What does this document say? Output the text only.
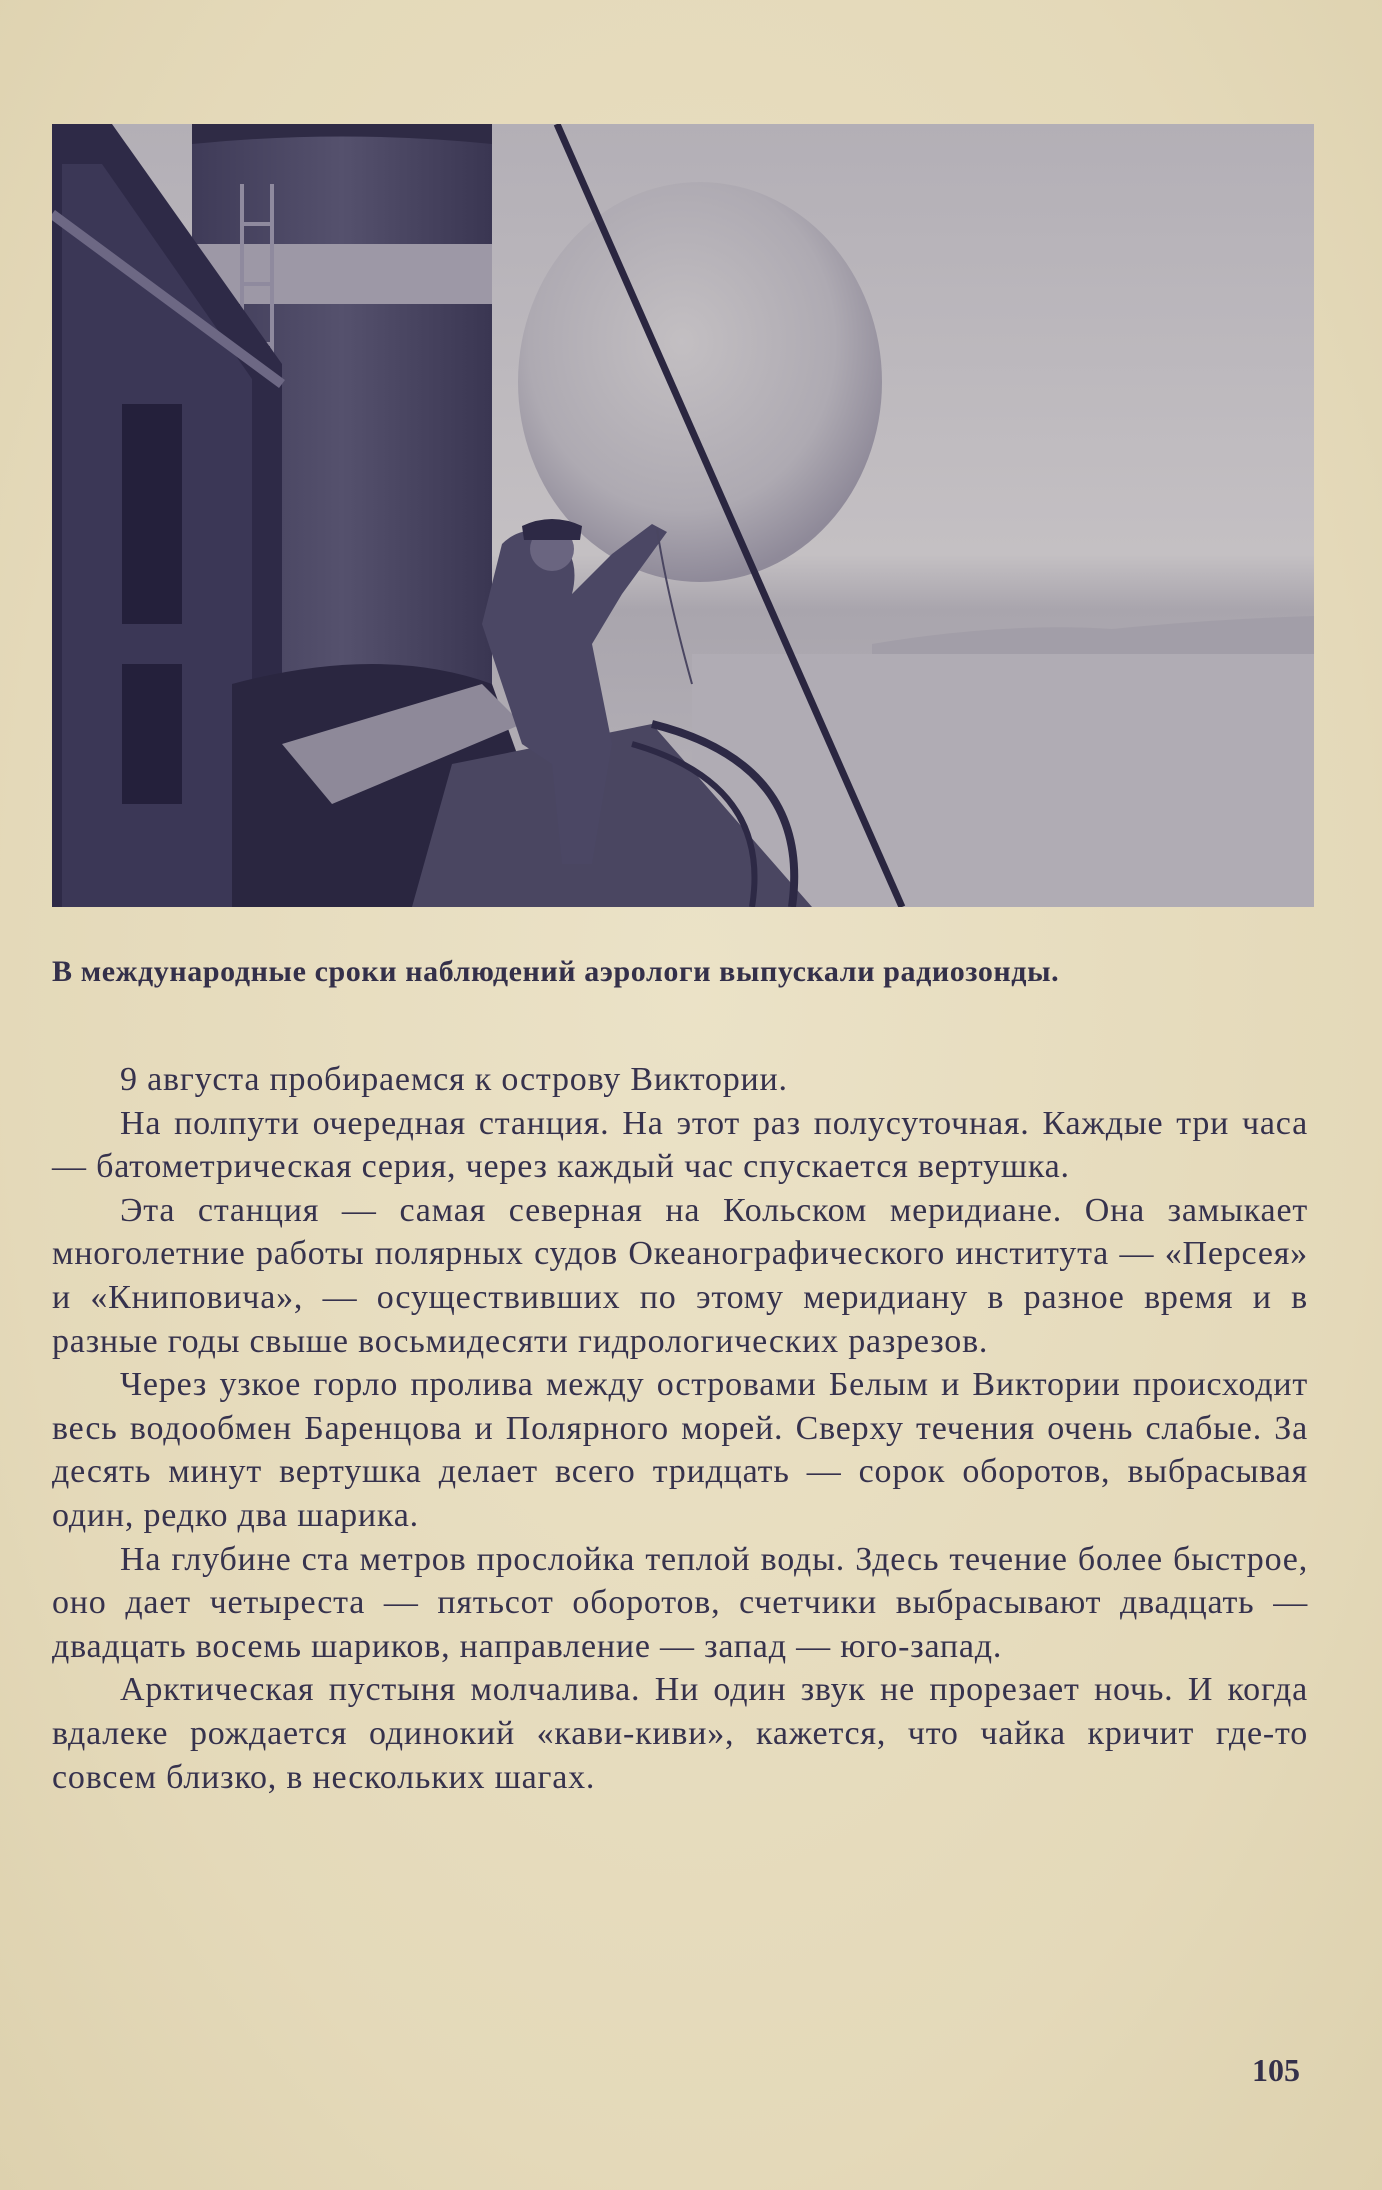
В международные сроки наблюдений аэрологи выпускали радиозонды.

9 августа пробираемся к острову Виктории.

На полпути очередная станция. На этот раз полусуточная. Каждые три часа — батометрическая серия, через каждый час спускается вертушка.

Эта станция — самая северная на Кольском меридиане. Она замыкает многолетние работы полярных судов Океанографического института — «Персея» и «Книповича», — осуществивших по этому меридиану в разное время и в разные годы свыше восьмидесяти гидрологических разрезов.

Через узкое горло пролива между островами Белым и Виктории происходит весь водообмен Баренцова и Полярного морей. Сверху течения очень слабые. За десять минут вертушка делает всего тридцать — сорок оборотов, выбрасывая один, редко два шарика.

На глубине ста метров прослойка теплой воды. Здесь течение более быстрое, оно дает четыреста — пятьсот оборотов, счетчики выбрасывают двадцать — двадцать восемь шариков, направление — запад — юго-запад.

Арктическая пустыня молчалива. Ни один звук не прорезает ночь. И когда вдалеке рождается одинокий «кави-киви», кажется, что чайка кричит где-то совсем близко, в нескольких шагах.

105
